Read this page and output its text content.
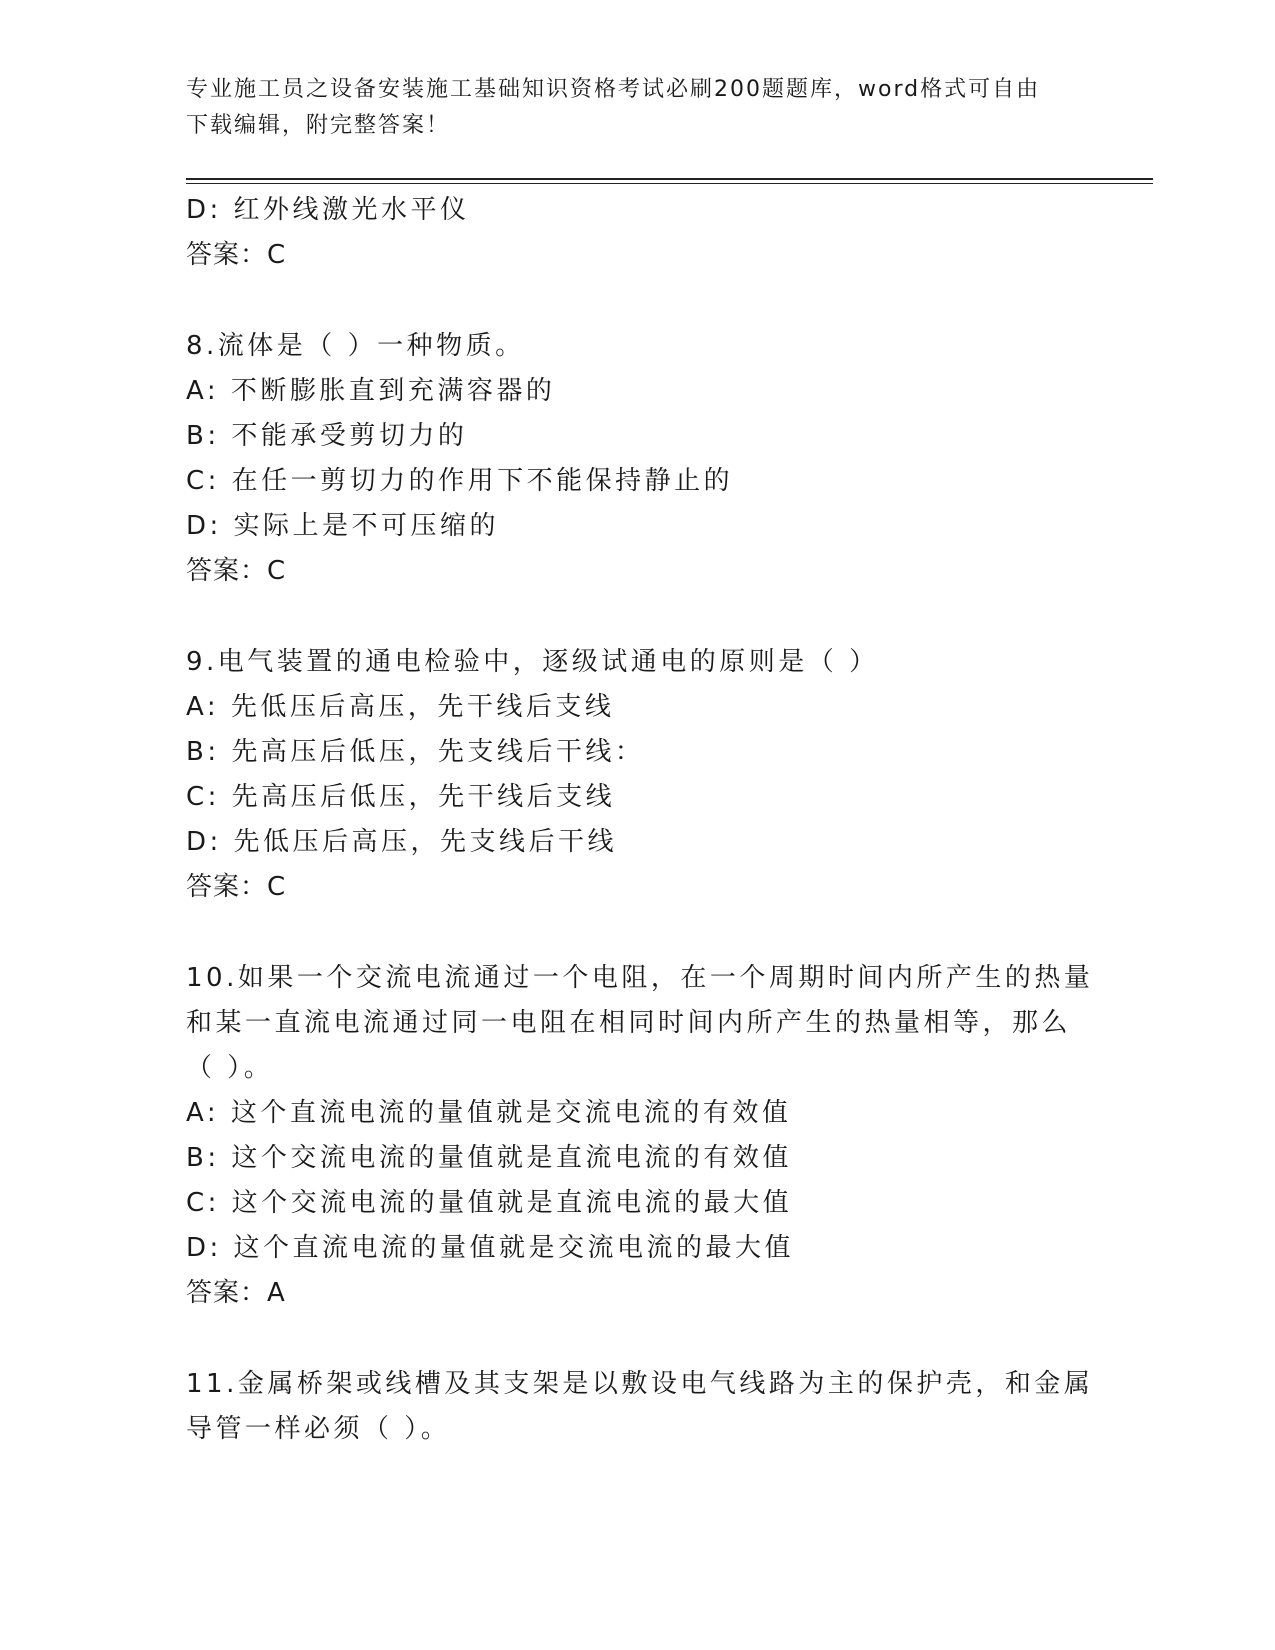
专业施工员之设备安装施工基础知识资格考试必刷200题题库，word格式可自由
下载编辑，附完整答案！
D: 红外线激光水平仪
答案：C
8.流体是（ ）一种物质。
A: 不断膨胀直到充满容器的
B: 不能承受剪切力的
C: 在任一剪切力的作用下不能保持静止的
D: 实际上是不可压缩的
答案：C
9.电气装置的通电检验中，逐级试通电的原则是（ ）
A: 先低压后高压，先干线后支线
B: 先高压后低压，先支线后干线：
C: 先高压后低压，先干线后支线
D: 先低压后高压，先支线后干线
答案：C
10.如果一个交流电流通过一个电阻，在一个周期时间内所产生的热量
和某一直流电流通过同一电阻在相同时间内所产生的热量相等，那么
（ ）。
A: 这个直流电流的量值就是交流电流的有效值
B: 这个交流电流的量值就是直流电流的有效值
C: 这个交流电流的量值就是直流电流的最大值
D: 这个直流电流的量值就是交流电流的最大值
答案：A
11.金属桥架或线槽及其支架是以敷设电气线路为主的保护壳，和金属
导管一样必须（ ）。
